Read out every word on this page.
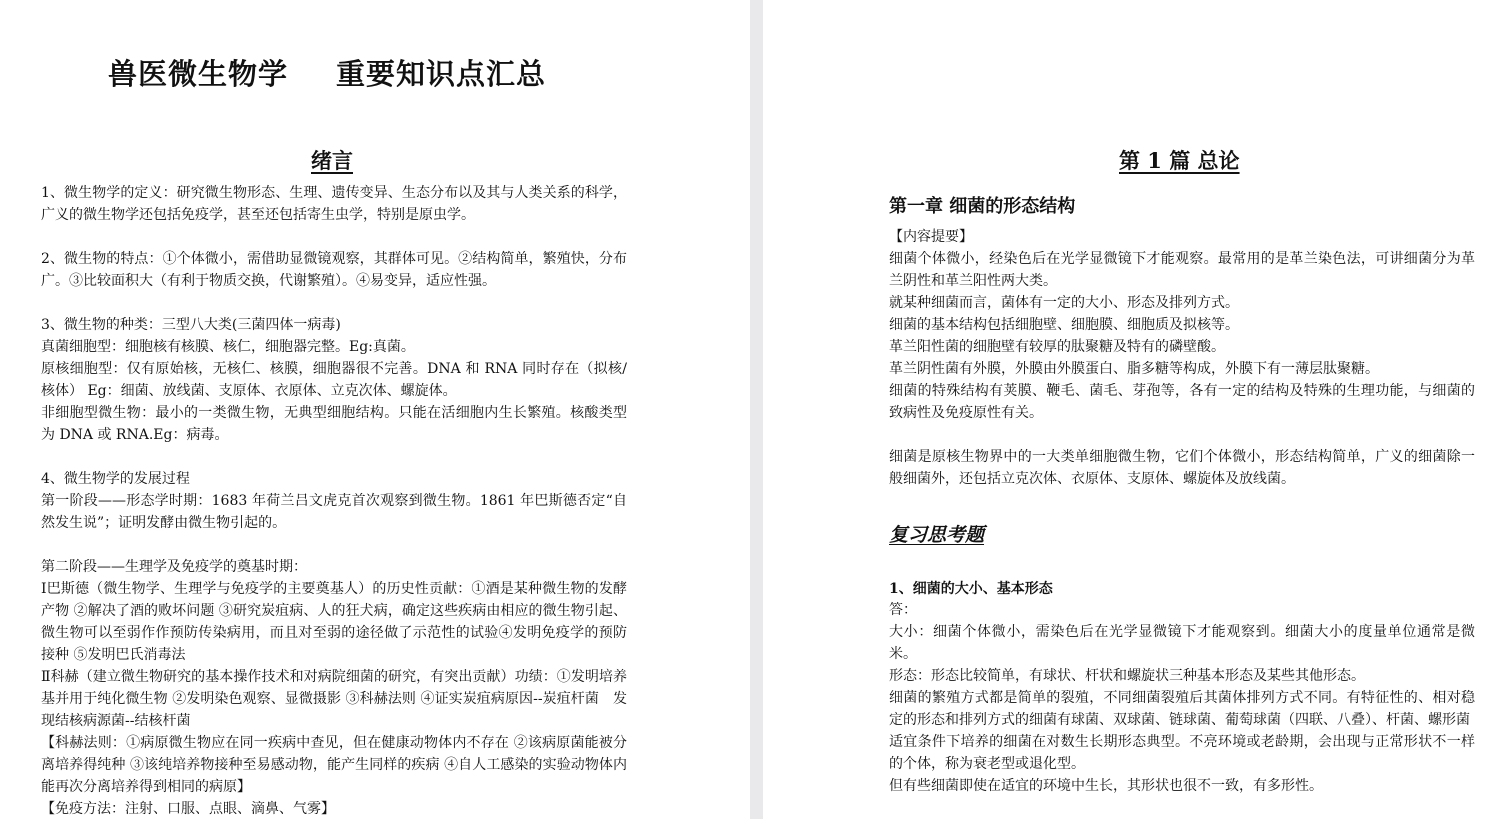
兽医微生物学 重要知识点汇总
绪言

1、微生物学的定义：研究微生物形态、生理、遗传变异、生态分布以及其与人类关系的科学，广义的微生物学还包括免疫学，甚至还包括寄生虫学，特别是原虫学。

2、微生物的特点：①个体微小，需借助显微镜观察，其群体可见。②结构简单，繁殖快，分布广。③比较面积大（有利于物质交换，代谢繁殖）。④易变异，适应性强。

3、微生物的种类：三型八大类(三菌四体一病毒)

真菌细胞型：细胞核有核膜、核仁，细胞器完整。Eg:真菌。

原核细胞型：仅有原始核，无核仁、核膜，细胞器很不完善。DNA 和 RNA 同时存在（拟核/核体） Eg：细菌、放线菌、支原体、衣原体、立克次体、螺旋体。

非细胞型微生物：最小的一类微生物，无典型细胞结构。只能在活细胞内生长繁殖。核酸类型为 DNA 或 RNA.Eg：病毒。

4、微生物学的发展过程

第一阶段——形态学时期：1683 年荷兰吕文虎克首次观察到微生物。1861 年巴斯德否定“自然发生说”；证明发酵由微生物引起的。

第二阶段——生理学及免疫学的奠基时期：

Ⅰ巴斯德（微生物学、生理学与免疫学的主要奠基人）的历史性贡献：①酒是某种微生物的发酵产物 ②解决了酒的败坏问题 ③研究炭疽病、人的狂犬病，确定这些疾病由相应的微生物引起、微生物可以至弱作作预防传染病用，而且对至弱的途径做了示范性的试验④发明免疫学的预防接种 ⑤发明巴氏消毒法

Ⅱ科赫（建立微生物研究的基本操作技术和对病院细菌的研究，有突出贡献）功绩：①发明培养基并用于纯化微生物 ②发明染色观察、显微摄影 ③科赫法则 ④证实炭疽病原因--炭疽杆菌　发现结核病源菌--结核杆菌

【科赫法则：①病原微生物应在同一疾病中查见，但在健康动物体内不存在 ②该病原菌能被分离培养得纯种 ③该纯培养物接种至易感动物，能产生同样的疾病 ④自人工感染的实验动物体内能再次分离培养得到相同的病原】

【免疫方法：注射、口服、点眼、滴鼻、气雾】

第 1 篇 总论
第一章 细菌的形态结构

【内容提要】

细菌个体微小，经染色后在光学显微镜下才能观察。最常用的是革兰染色法，可讲细菌分为革兰阴性和革兰阳性两大类。

就某种细菌而言，菌体有一定的大小、形态及排列方式。

细菌的基本结构包括细胞壁、细胞膜、细胞质及拟核等。

革兰阳性菌的细胞壁有较厚的肽聚糖及特有的磷壁酸。

革兰阴性菌有外膜，外膜由外膜蛋白、脂多糖等构成，外膜下有一薄层肽聚糖。

细菌的特殊结构有荚膜、鞭毛、菌毛、芽孢等，各有一定的结构及特殊的生理功能，与细菌的致病性及免疫原性有关。

细菌是原核生物界中的一大类单细胞微生物，它们个体微小，形态结构简单，广义的细菌除一般细菌外，还包括立克次体、衣原体、支原体、螺旋体及放线菌。

复习思考题
1、细菌的大小、基本形态

答：

大小：细菌个体微小，需染色后在光学显微镜下才能观察到。细菌大小的度量单位通常是微米。

形态：形态比较简单，有球状、杆状和螺旋状三种基本形态及某些其他形态。

细菌的繁殖方式都是简单的裂殖，不同细菌裂殖后其菌体排列方式不同。有特征性的、相对稳定的形态和排列方式的细菌有球菌、双球菌、链球菌、葡萄球菌（四联、八叠）、杆菌、螺形菌

适宜条件下培养的细菌在对数生长期形态典型。不亮环境或老龄期，会出现与正常形状不一样的个体，称为衰老型或退化型。

但有些细菌即使在适宜的环境中生长，其形状也很不一致，有多形性。
